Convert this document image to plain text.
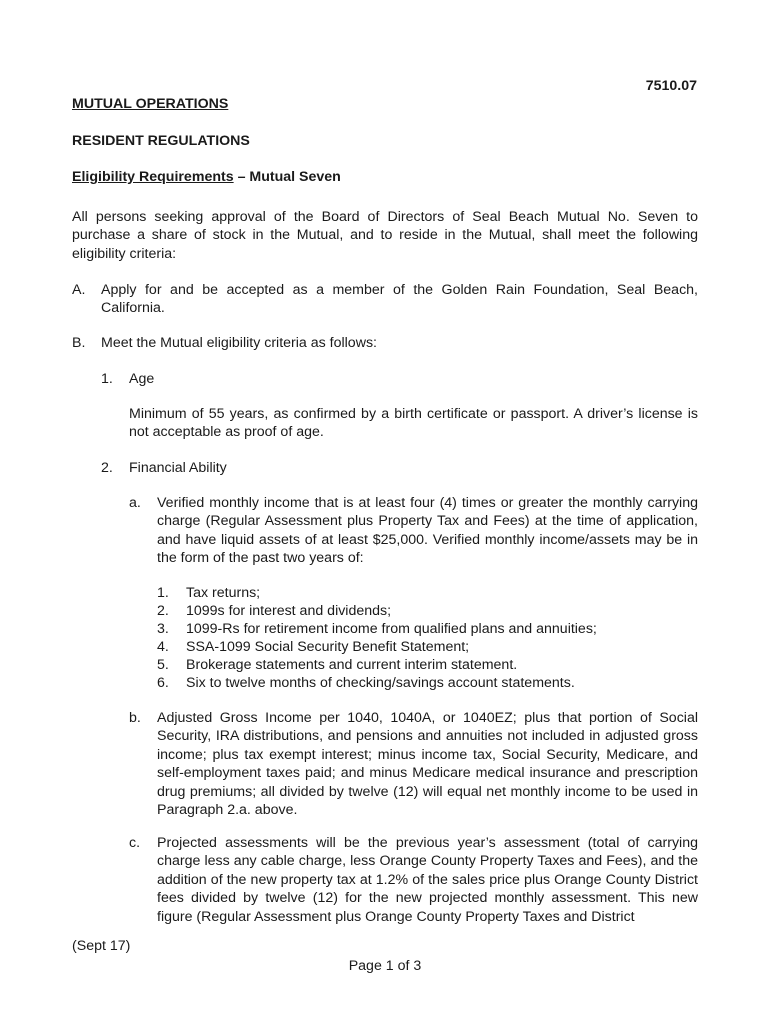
7510.07
MUTUAL OPERATIONS
RESIDENT REGULATIONS
Eligibility Requirements – Mutual Seven
All persons seeking approval of the Board of Directors of Seal Beach Mutual No. Seven to purchase a share of stock in the Mutual, and to reside in the Mutual, shall meet the following eligibility criteria:
A. Apply for and be accepted as a member of the Golden Rain Foundation, Seal Beach, California.
B. Meet the Mutual eligibility criteria as follows:
1. Age
Minimum of 55 years, as confirmed by a birth certificate or passport. A driver’s license is not acceptable as proof of age.
2. Financial Ability
a. Verified monthly income that is at least four (4) times or greater the monthly carrying charge (Regular Assessment plus Property Tax and Fees) at the time of application, and have liquid assets of at least $25,000. Verified monthly income/assets may be in the form of the past two years of:
1. Tax returns;
2. 1099s for interest and dividends;
3. 1099-Rs for retirement income from qualified plans and annuities;
4. SSA-1099 Social Security Benefit Statement;
5. Brokerage statements and current interim statement.
6. Six to twelve months of checking/savings account statements.
b. Adjusted Gross Income per 1040, 1040A, or 1040EZ; plus that portion of Social Security, IRA distributions, and pensions and annuities not included in adjusted gross income; plus tax exempt interest; minus income tax, Social Security, Medicare, and self-employment taxes paid; and minus Medicare medical insurance and prescription drug premiums; all divided by twelve (12) will equal net monthly income to be used in Paragraph 2.a. above.
c. Projected assessments will be the previous year’s assessment (total of carrying charge less any cable charge, less Orange County Property Taxes and Fees), and the addition of the new property tax at 1.2% of the sales price plus Orange County District fees divided by twelve (12) for the new projected monthly assessment. This new figure (Regular Assessment plus Orange County Property Taxes and District
(Sept 17)
Page 1 of 3
